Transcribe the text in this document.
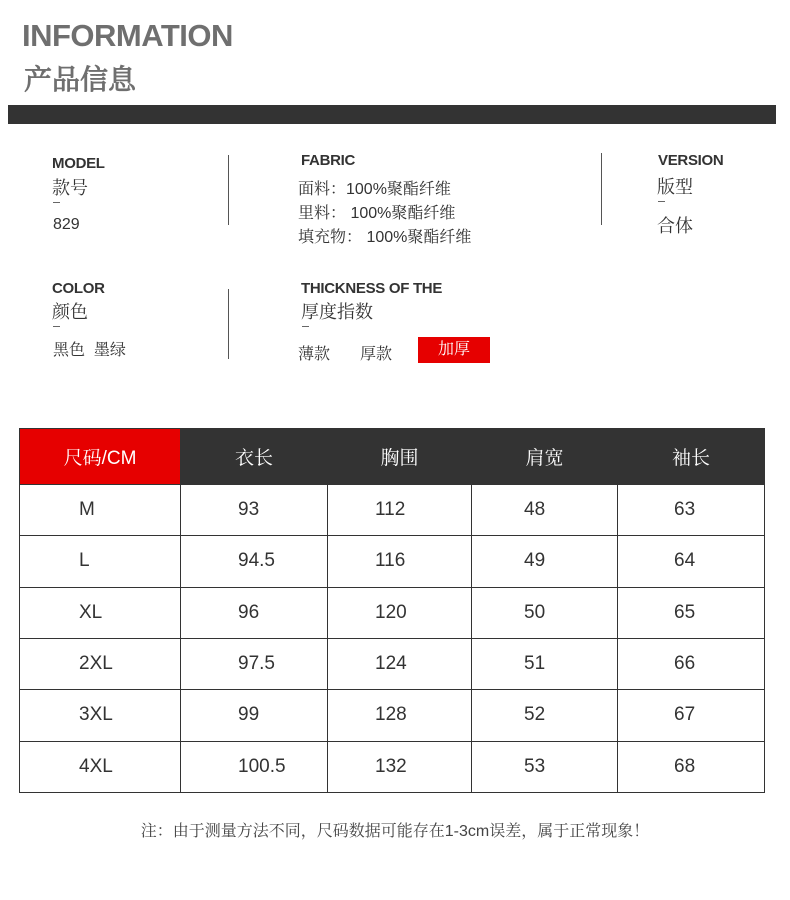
INFORMATION
产品信息
MODEL
款号
829
FABRIC
面料：100%聚酯纤维
里料： 100%聚酯纤维
填充物： 100%聚酯纤维
VERSION
版型
合体
COLOR
颜色
黑色  墨绿
THICKNESS OF THE
厚度指数
薄款 厚款	加厚
尺码/CM	衣长	胸围	肩宽	袖长
M	93	112	48	63
L	94.5	116	49	64
XL	96	120	50	65
2XL	97.5	124	51	66
3XL	99	128	52	67
4XL	100.5	132	53	68
注：由于测量方法不同，尺码数据可能存在1-3cm误差，属于正常现象！
